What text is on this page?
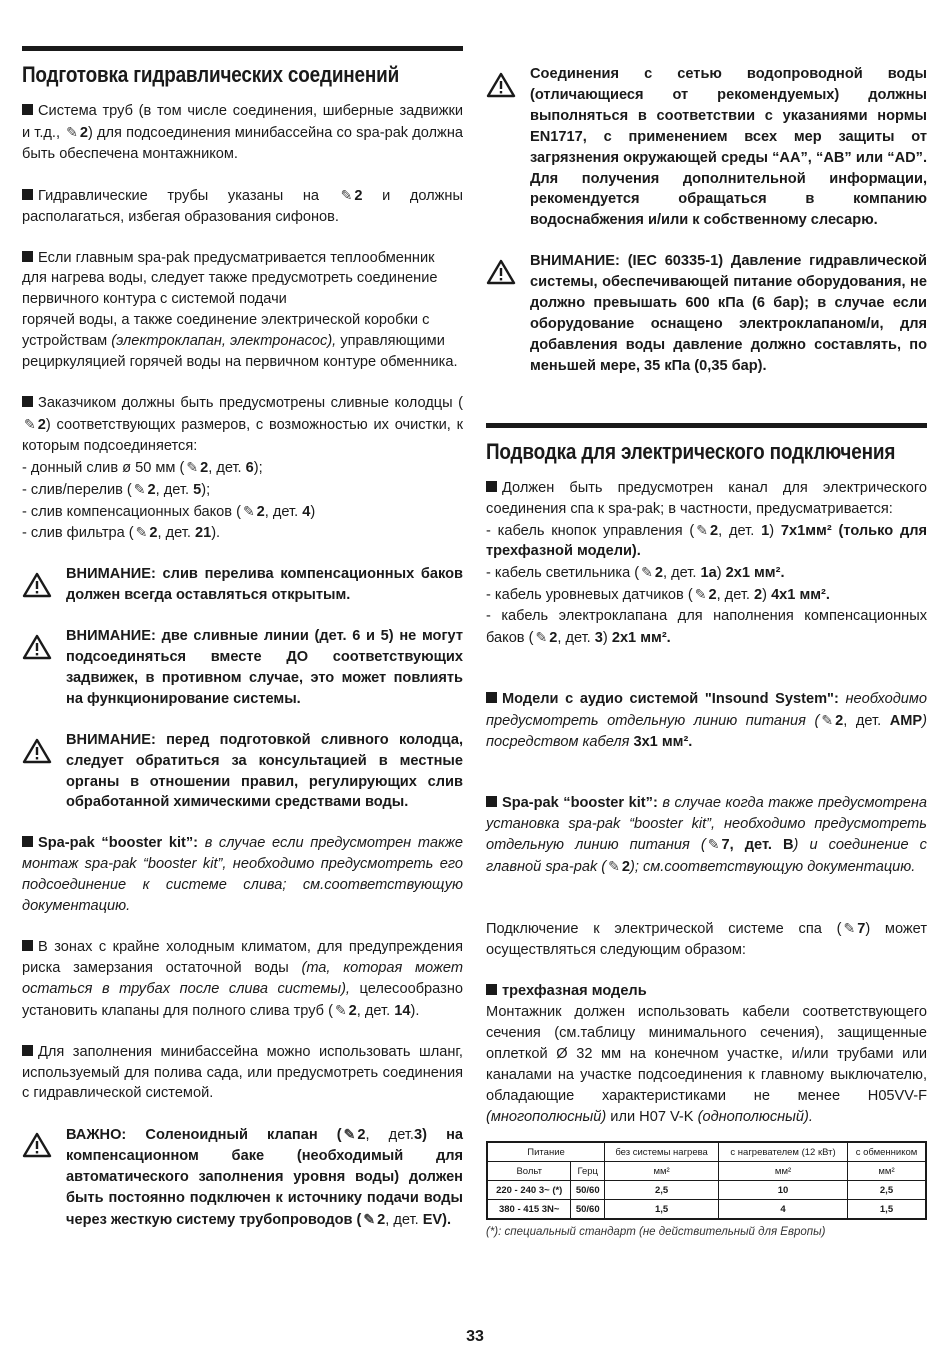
Подготовка гидравлических соединений

Система труб (в том числе соединения, шиберные задвижки и т.д., ✎ 2) для подсоединения минибассейна со spa-pak должна быть обеспечена монтажником.

Гидравлические трубы указаны на ✎ 2 и должны располагаться, избегая образования сифонов.

Если главным spa-pak предусматривается теплообменник для нагрева воды, следует также предусмотреть соединение первичного контура с системой подачи
горячей воды, а также соединение электрической коробки с устройствам (электроклапан, электронасос), управляющими рециркуляцией горячей воды на первичном контуре обменника.

Заказчиком должны быть предусмотрены сливные колодцы (✎2) соответствующих размеров, с возможностью их очистки, к которым подсоединяется:

- донный слив ø 50 мм ( ✎ 2, дет. 6);

- слив/перелив ( ✎ 2, дет. 5);

- слив компенсационных баков ( ✎ 2, дет. 4)

- слив фильтра ( ✎ 2, дет. 21).

ВНИМАНИЕ: слив перелива компенсационных баков должен всегда оставляться открытым.

ВНИМАНИЕ: две сливные линии (дет. 6 и 5) не могут подсоединяться вместе ДО соответствующих задвижек, в противном случае, это может повлиять на функционирование системы.

ВНИМАНИЕ: перед подготовкой сливного колодца, следует обратиться за консультацией в местные органы в отношении правил, регулирующих слив обработанной химическими средствами воды.

Spa-pak “booster kit”: в случае если предусмотрен также монтаж spa-pak “booster kit”, необходимо предусмотреть его подсоединение к системе слива; см.соответствующую документацию.

В зонах с крайне холодным климатом, для предупреждения риска замерзания остаточной воды (та, которая может остаться в трубах после слива системы), целесообразно установить клапаны для полного слива труб ( ✎ 2, дет. 14).

Для заполнения минибассейна можно использовать шланг, используемый для полива сада, или предусмотреть соединения с гидравлической системой.

ВАЖНО: Соленоидный клапан ( ✎ 2, дет.3) на компенсационном баке (необходимый для автоматического заполнения уровня воды) должен быть постоянно подключен к источнику подачи воды через жесткую систему трубопроводов ( ✎ 2, дет. EV).

Соединения с сетью водопроводной воды (отличающиеся от рекомендуемых) должны выполняться в соответствии с указаниями нормы EN1717, с применением всех мер защиты от загрязнения окружающей среды “AA”, “AB” или “AD”. Для получения дополнительной информации, рекомендуется обращаться в компанию водоснабжения и/или к собственному слесарю.

ВНИМАНИЕ: (IEC 60335-1) Давление гидравлической системы, обеспечивающей питание оборудования, не должно превышать 600 кПа (6 бар); в случае если оборудование оснащено электроклапаном/и, для добавления воды давление должно составлять, по меньшей мере, 35 кПа (0,35 бар).

Подводка для электрического подключения

Должен быть предусмотрен канал для электрического соединения спа к spa-pak; в частности, предусматривается:

- кабель кнопок управления ( ✎ 2, дет. 1) 7x1мм² (только для трехфазной модели).

- кабель светильника ( ✎ 2, дет. 1a) 2x1 мм².

- кабель уровневых датчиков ( ✎ 2, дет. 2) 4x1 мм².

- кабель электроклапана для наполнения компенсационных баков ( ✎ 2, дет. 3) 2x1 мм².

Модели с аудио системой "Insound System": необходимо предусмотреть отдельную линию питания ( ✎ 2, дет. AMP) посредством кабеля 3x1 мм².

Spa-pak “booster kit”: в случае когда также предусмотрена установка spa-pak “booster kit”, необходимо предусмотреть отдельную линию питания ( ✎ 7, дет. B) и соединение с главной spa-pak ( ✎ 2); см.соответствующую документацию.

Подключение к электрической системе спа ( ✎ 7) может осуществляться следующим образом:

трехфазная модель

Монтажник должен использовать кабели соответствующего сечения (см.таблицу минимального сечения), защищенные оплеткой Ø 32 мм на конечном участке, и/или трубами или каналами на участке подсоединения к главному выключателю, обладающие характеристиками не менее H05VV-F (многополюсный) или H07 V-K (однополюсный).

Питание		без системы нагрева	с нагревателем (12 кВт)	с обменником
Вольт	Герц	мм²	мм²	мм²
220 - 240 3~ (*)	50/60	2,5	10	2,5
380 - 415 3N~	50/60	1,5	4	1,5
(*): специальный стандарт (не действительный для Европы)
33
